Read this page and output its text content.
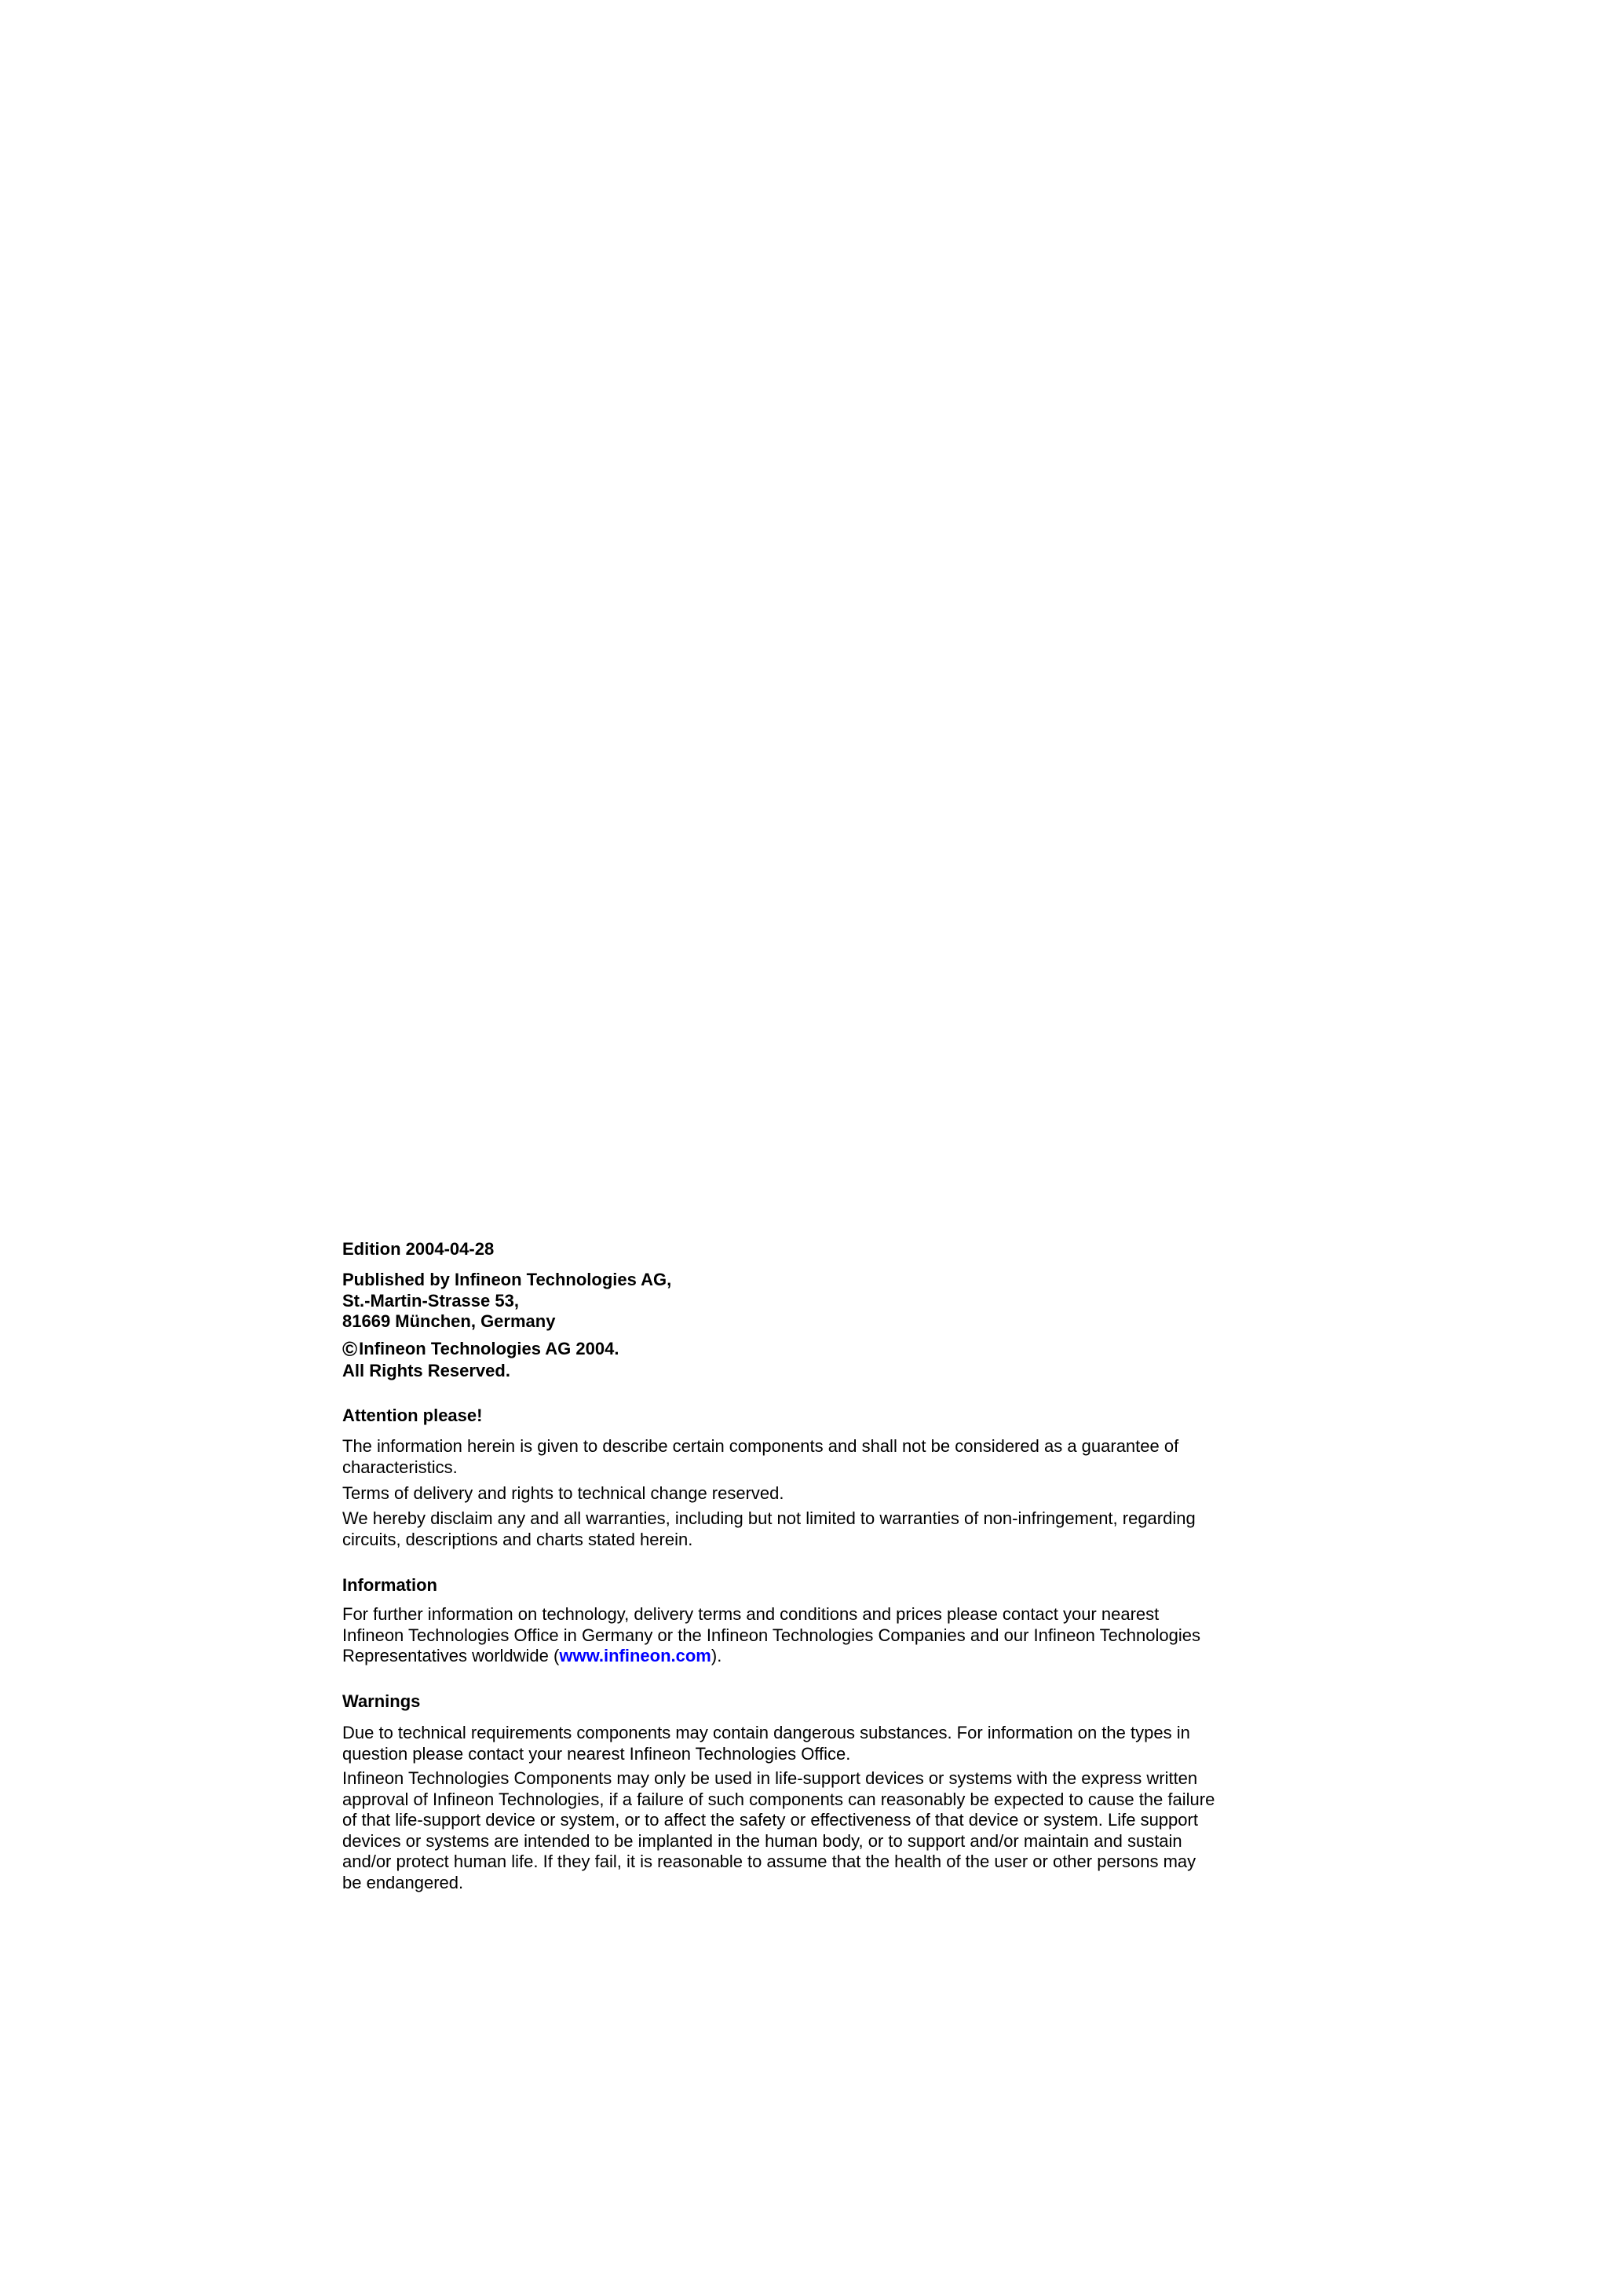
Edition 2004-04-28
Published by Infineon Technologies AG,
St.-Martin-Strasse 53,
81669 München, Germany
©Infineon Technologies AG 2004.
All Rights Reserved.
Attention please!
The information herein is given to describe certain components and shall not be considered as a guarantee of
characteristics.
Terms of delivery and rights to technical change reserved.
We hereby disclaim any and all warranties, including but not limited to warranties of non-infringement, regarding
circuits, descriptions and charts stated herein.
Information
For further information on technology, delivery terms and conditions and prices please contact your nearest
Infineon Technologies Office in Germany or the Infineon Technologies Companies and our Infineon Technologies
Representatives worldwide (www.infineon.com).
Warnings
Due to technical requirements components may contain dangerous substances. For information on the types in
question please contact your nearest Infineon Technologies Office.
Infineon Technologies Components may only be used in life-support devices or systems with the express written
approval of Infineon Technologies, if a failure of such components can reasonably be expected to cause the failure
of that life-support device or system, or to affect the safety or effectiveness of that device or system. Life support
devices or systems are intended to be implanted in the human body, or to support and/or maintain and sustain
and/or protect human life. If they fail, it is reasonable to assume that the health of the user or other persons may
be endangered.
